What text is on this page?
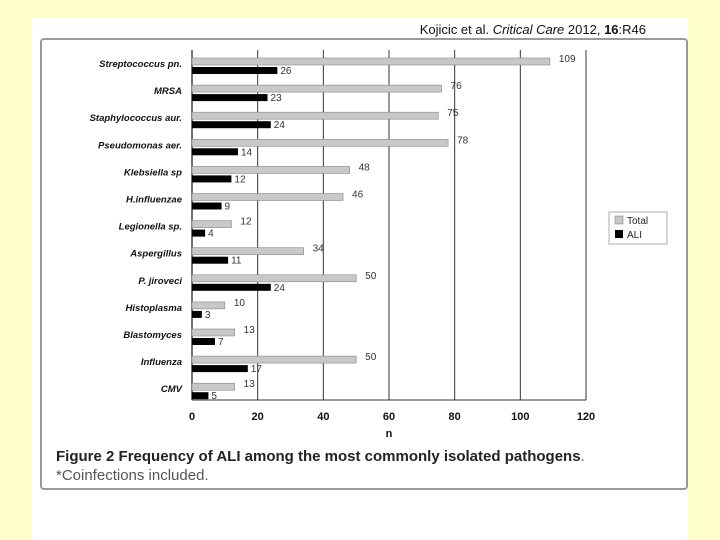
Kojicic et al. Critical Care 2012, 16:R46
Streptococcus pn.	109
26
MRSA	76
23
Staphylococcus aur.	75
24
Pseudomonas aer.	78
14
Klebsiella sp	48
12
H.influenzae	46
9
Legionella sp.	12
4
Aspergillus	34
11
P. jiroveci	50
24
Histoplasma	10
3
Blastomyces	13
7
Influenza	50
17
CMV	13
5
0	20	40	60	80	100	120
n
Total
ALI
Figure 2 Frequency of ALI among the most commonly isolated pathogens. *Coinfections included.
